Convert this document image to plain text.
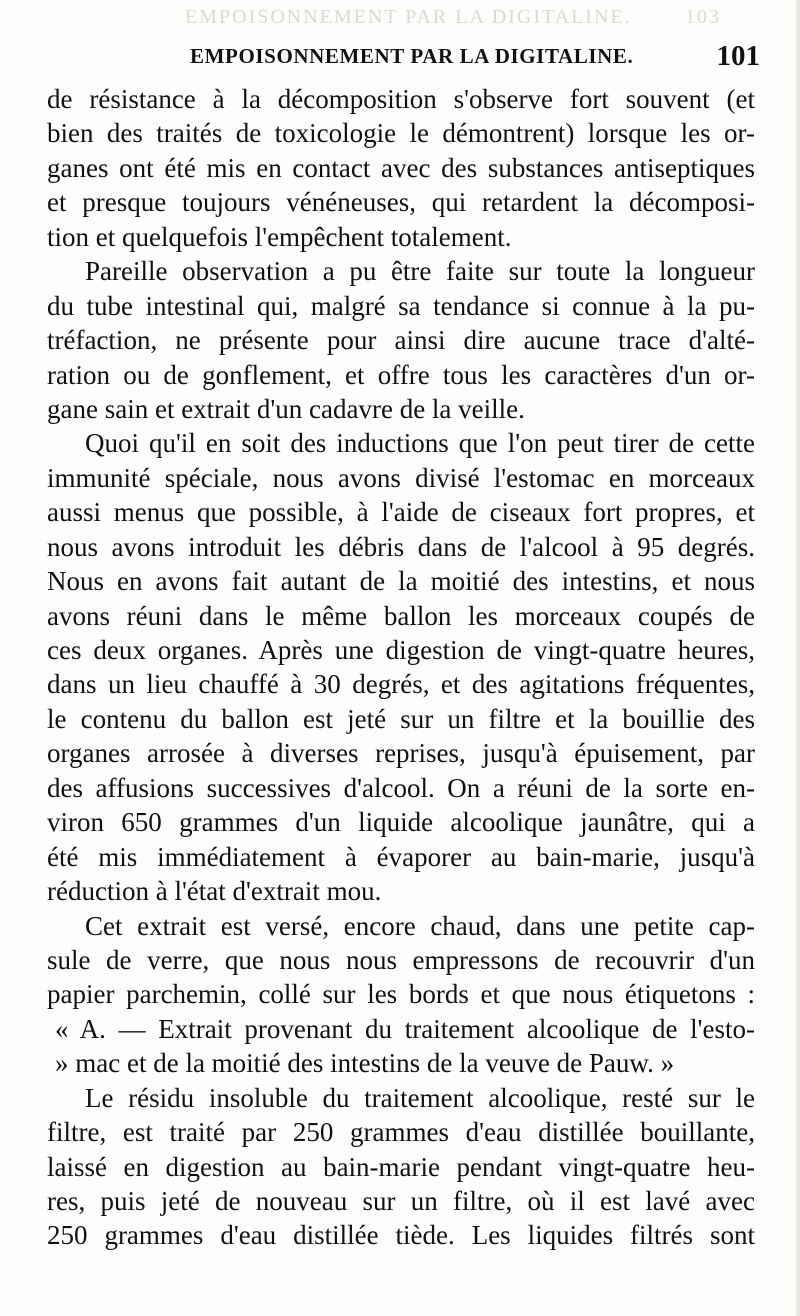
EMPOISONNEMENT PAR LA DIGITALINE.	103
EMPOISONNEMENT PAR LA DIGITALINE.	101
de résistance à la décomposition s'observe fort souvent (et
bien des traités de toxicologie le démontrent) lorsque les or-
ganes ont été mis en contact avec des substances antiseptiques
et presque toujours vénéneuses, qui retardent la décomposi-
tion et quelquefois l'empêchent totalement.
Pareille observation a pu être faite sur toute la longueur
du tube intestinal qui, malgré sa tendance si connue à la pu-
tréfaction, ne présente pour ainsi dire aucune trace d'alté-
ration ou de gonflement, et offre tous les caractères d'un or-
gane sain et extrait d'un cadavre de la veille.
Quoi qu'il en soit des inductions que l'on peut tirer de cette
immunité spéciale, nous avons divisé l'estomac en morceaux
aussi menus que possible, à l'aide de ciseaux fort propres, et
nous avons introduit les débris dans de l'alcool à 95 degrés.
Nous en avons fait autant de la moitié des intestins, et nous
avons réuni dans le même ballon les morceaux coupés de
ces deux organes. Après une digestion de vingt-quatre heures,
dans un lieu chauffé à 30 degrés, et des agitations fréquentes,
le contenu du ballon est jeté sur un filtre et la bouillie des
organes arrosée à diverses reprises, jusqu'à épuisement, par
des affusions successives d'alcool. On a réuni de la sorte en-
viron 650 grammes d'un liquide alcoolique jaunâtre, qui a
été mis immédiatement à évaporer au bain-marie, jusqu'à
réduction à l'état d'extrait mou.
Cet extrait est versé, encore chaud, dans une petite cap-
sule de verre, que nous nous empressons de recouvrir d'un
papier parchemin, collé sur les bords et que nous étiquetons :
« A. — Extrait provenant du traitement alcoolique de l'esto-
» mac et de la moitié des intestins de la veuve de Pauw. »
Le résidu insoluble du traitement alcoolique, resté sur le
filtre, est traité par 250 grammes d'eau distillée bouillante,
laissé en digestion au bain-marie pendant vingt-quatre heu-
res, puis jeté de nouveau sur un filtre, où il est lavé avec
250 grammes d'eau distillée tiède. Les liquides filtrés sont
